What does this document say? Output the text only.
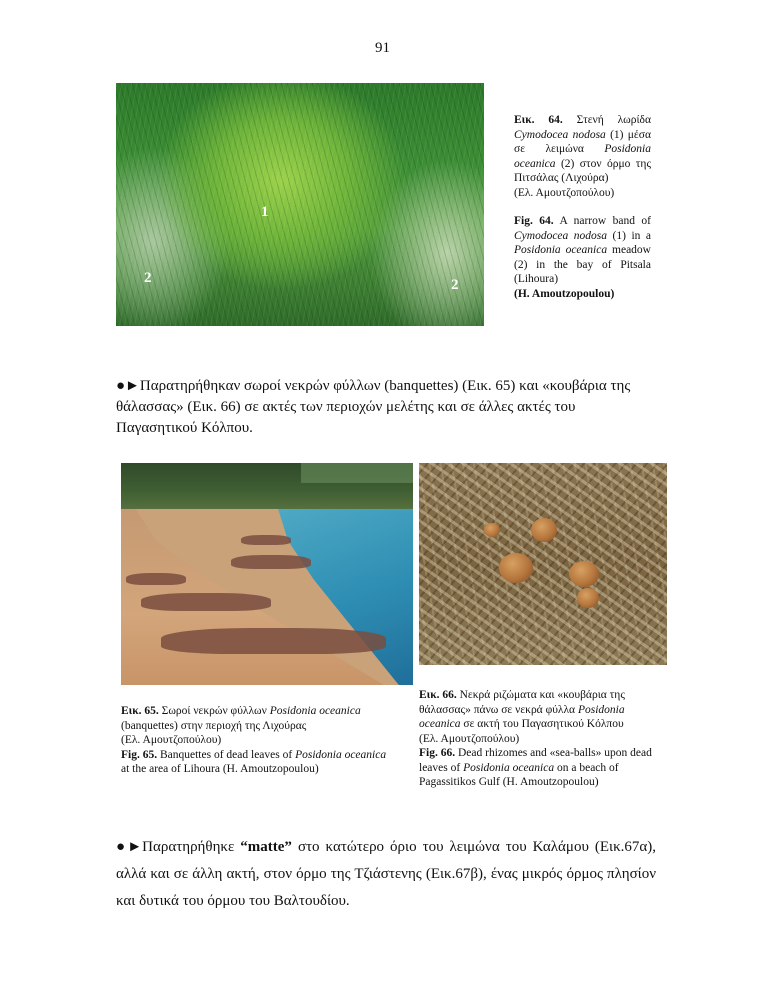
91
1
2	2

Εικ. 64. Στενή λωρίδα Cymodocea nodosa (1) μέσα σε λειμώνα Posidonia oceanica (2) στον όρμο της Πιτσάλας (Λιχούρα)
(Ελ. Αμουτζοπούλου)

Fig. 64. A narrow band of Cymodocea nodosa (1) in a Posidonia oceanica meadow (2) in the bay of Pitsala (Lihoura)
(H. Amoutzopoulou)

●►Παρατηρήθηκαν σωροί νεκρών φύλλων (banquettes) (Εικ. 65) και «κουβάρια της θάλασσας» (Εικ. 66) σε ακτές των περιοχών μελέτης και σε άλλες ακτές του Παγασητικού Κόλπου.

Εικ. 65. Σωροί νεκρών φύλλων Posidonia oceanica
(banquettes) στην περιοχή της Λιχούρας
(Ελ. Αμουτζοπούλου)

Fig. 65. Banquettes of dead leaves of Posidonia oceanica
at the area of Lihoura (H. Amoutzopoulou)

Εικ. 66. Νεκρά ριζώματα και «κουβάρια της θάλασσας» πάνω σε νεκρά φύλλα Posidonia oceanica σε ακτή του Παγασητικού Κόλπου
(Ελ. Αμουτζοπούλου)

Fig. 66. Dead rhizomes and «sea-balls» upon dead leaves of Posidonia oceanica on a beach of Pagassitikos Gulf (H. Amoutzopoulou)

●►Παρατηρήθηκε “matte” στο κατώτερο όριο του λειμώνα του Καλάμου (Εικ.67α), αλλά και σε άλλη ακτή, στον όρμο της Τζιάστενης (Εικ.67β), ένας μικρός όρμος πλησίον και δυτικά του όρμου του Βαλτουδίου.
